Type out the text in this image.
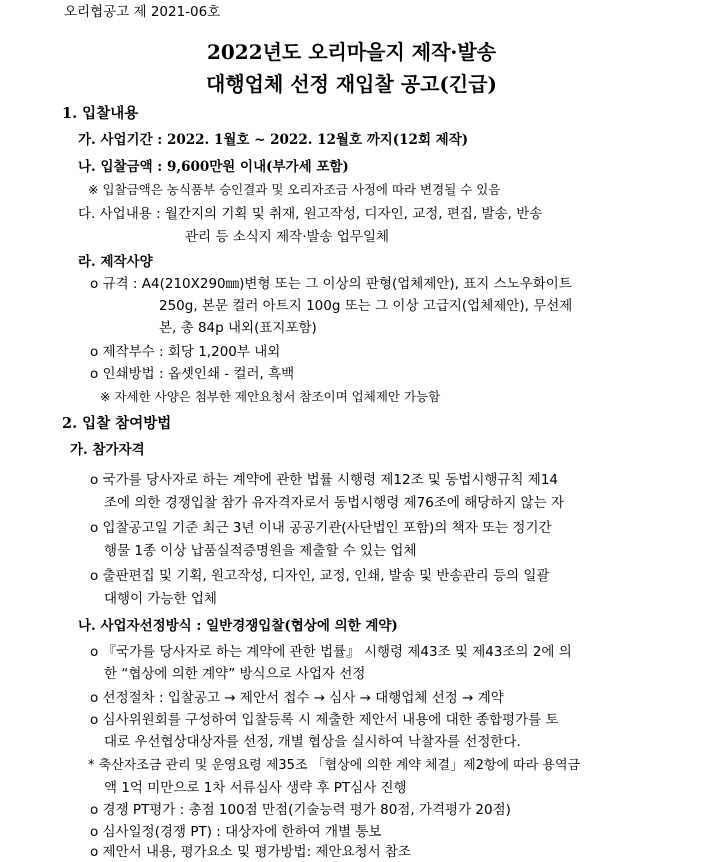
오리협공고 제 2021-06호
2022년도 오리마을지 제작·발송
대행업체 선정 재입찰 공고(긴급)
1. 입찰내용
가. 사업기간 : 2022. 1월호 ~ 2022. 12월호 까지(12회 제작)
나. 입찰금액 : 9,600만원 이내(부가세 포함)
※ 입찰금액은 농식품부 승인결과 및 오리자조금 사정에 따라 변경될 수 있음
다. 사업내용 : 월간지의 기획 및 취재, 원고작성, 디자인, 교정, 편집, 발송, 반송
관리 등 소식지 제작·발송 업무일체
라. 제작사양
o 규격 : A4(210X290㎜)변형 또는 그 이상의 판형(업체제안), 표지 스노우화이트
250g, 본문 컬러 아트지 100g 또는 그 이상 고급지(업체제안), 무선제
본, 총 84p 내외(표지포함)
o 제작부수 : 회당 1,200부 내외
o 인쇄방법 : 옵셋인쇄 - 컬러, 흑백
※ 자세한 사양은 첨부한 제안요청서 참조이며 업체제안 가능함
2. 입찰 참여방법
가. 참가자격
o 국가를 당사자로 하는 계약에 관한 법률 시행령 제12조 및 동법시행규칙 제14
조에 의한 경쟁입찰 참가 유자격자로서 동법시행령 제76조에 해당하지 않는 자
o 입찰공고일 기준 최근 3년 이내 공공기관(사단법인 포함)의 책자 또는 정기간
행물 1종 이상 납품실적증명원을 제출할 수 있는 업체
o 출판편집 및 기획, 원고작성, 디자인, 교정, 인쇄, 발송 및 반송관리 등의 일괄
대행이 가능한 업체
나. 사업자선정방식 : 일반경쟁입찰(협상에 의한 계약)
o 『국가를 당사자로 하는 계약에 관한 법률』 시행령 제43조 및 제43조의 2에 의
한 “협상에 의한 계약” 방식으로 사업자 선정
o 선정절차 : 입찰공고 → 제안서 접수 → 심사 → 대행업체 선정 → 계약
o 심사위원회를 구성하여 입찰등록 시 제출한 제안서 내용에 대한 종합평가를 토
대로 우선협상대상자를 선정, 개별 협상을 실시하여 낙찰자를 선정한다.
* 축산자조금 관리 및 운영요령 제35조 「협상에 의한 계약 체결」제2항에 따라 용역금
액 1억 미만으로 1차 서류심사 생략 후 PT심사 진행
o 경쟁 PT평가 : 총점 100점 만점(기술능력 평가 80점, 가격평가 20점)
o 심사일정(경쟁 PT) : 대상자에 한하여 개별 통보
o 제안서 내용, 평가요소 및 평가방법: 제안요청서 참조
